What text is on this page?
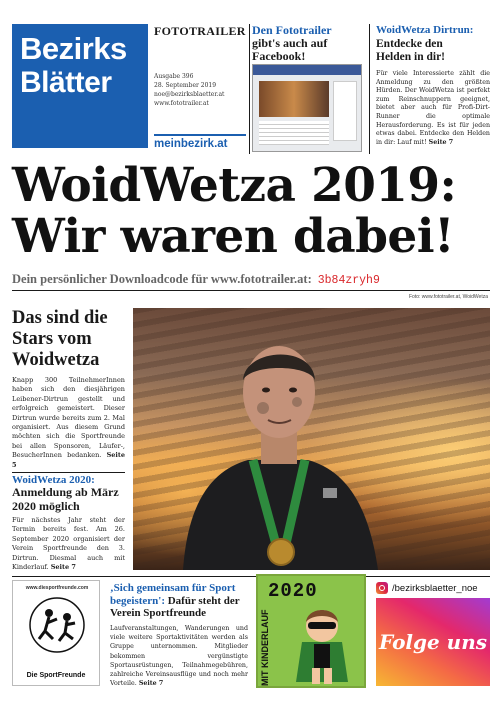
Bezirks
Blätter
FOTOTRAILER
Ausgabe 396
28. September 2019
noe@bezirksblaetter.at
www.fototrailer.at
meinbezirk.at
Den Fototrailer
gibt's auch auf
Facebook!
WoidWetza Dirtrun:
Entdecke den
Helden in dir!
Für viele Interessierte zählt die Anmeldung zu den größten Hürden. Der WoidWetza ist perfekt zum Reinschnuppern geeignet, bietet aber auch für Profi-Dirt-Runner die optimale Herausforderung. Es ist für jeden etwas dabei. Entdecke den Helden in dir: Lauf mit! Seite 7
WoidWetza 2019:
Wir waren dabei!
Dein persönlicher Downloadcode für www.fototrailer.at: 3b84zryh9
Foto: www.fototrailer.at, WoidWetza
Das sind die Stars vom Woidwetza
Knapp 300 TeilnehmerInnen haben sich den diesjährigen Leibener-Dirtrun gestellt und erfolgreich gemeistert. Dieser Dirtrun wurde bereits zum 2. Mal organisiert. Aus diesem Grund möchten sich die Sportfreunde bei allen Sponsoren, Läufer-, BesucherInnen bedanken. Seite 5
WoidWetza 2020:
Anmeldung ab März 2020 möglich
Für nächstes Jahr steht der Termin bereits fest. Am 26. September 2020 organisiert der Verein Sportfreunde den 3. Dirtrun. Diesmal auch mit Kinderlauf. Seite 7
www.diesportfreunde.com
Die SportFreunde
‚Sich gemeinsam für Sport begeistern': Dafür steht der Verein Sportfreunde
Laufveranstaltungen, Wanderungen und viele weitere Sportaktivitäten werden als Gruppe unternommen. Mitglieder bekommen vergünstigte Sportausrüstungen, Teilnahmegebühren, zahlreiche Vereinsausflüge und noch mehr Vorteile. Seite 7
2020
MIT KINDERLAUF
/bezirksblaetter_noe
Folge uns
